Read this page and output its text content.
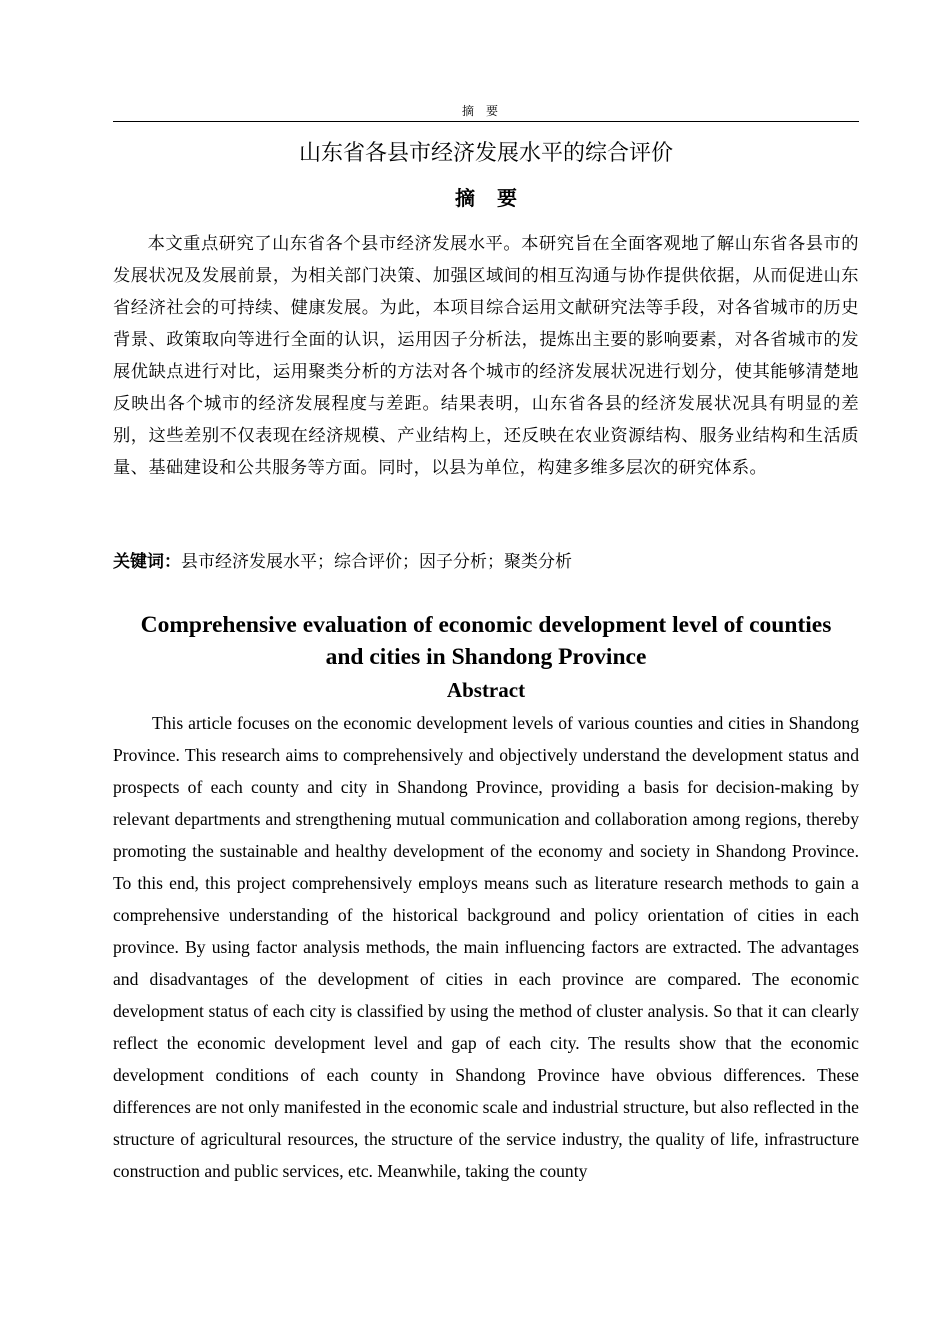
摘要
山东省各县市经济发展水平的综合评价
摘要

本文重点研究了山东省各个县市经济发展水平。本研究旨在全面客观地了解山东省各县市的发展状况及发展前景，为相关部门决策、加强区域间的相互沟通与协作提供依据，从而促进山东省经济社会的可持续、健康发展。为此，本项目综合运用文献研究法等手段，对各省城市的历史背景、政策取向等进行全面的认识，运用因子分析法，提炼出主要的影响要素，对各省城市的发展优缺点进行对比，运用聚类分析的方法对各个城市的经济发展状况进行划分，使其能够清楚地反映出各个城市的经济发展程度与差距。结果表明，山东省各县的经济发展状况具有明显的差别，这些差别不仅表现在经济规模、产业结构上，还反映在农业资源结构、服务业结构和生活质量、基础建设和公共服务等方面。同时，以县为单位，构建多维多层次的研究体系。

关键词：县市经济发展水平；综合评价；因子分析；聚类分析
Comprehensive evaluation of economic development level of counties
and cities in Shandong Province
Abstract

This article focuses on the economic development levels of various counties and cities in Shandong Province. This research aims to comprehensively and objectively understand the development status and prospects of each county and city in Shandong Province, providing a basis for decision-making by relevant departments and strengthening mutual communication and collaboration among regions, thereby promoting the sustainable and healthy development of the economy and society in Shandong Province. To this end, this project comprehensively employs means such as literature research methods to gain a comprehensive understanding of the historical background and policy orientation of cities in each province. By using factor analysis methods, the main influencing factors are extracted. The advantages and disadvantages of the development of cities in each province are compared. The economic development status of each city is classified by using the method of cluster analysis. So that it can clearly reflect the economic development level and gap of each city. The results show that the economic development conditions of each county in Shandong Province have obvious differences. These differences are not only manifested in the economic scale and industrial structure, but also reflected in the structure of agricultural resources, the structure of the service industry, the quality of life, infrastructure construction and public services, etc. Meanwhile, taking the county
